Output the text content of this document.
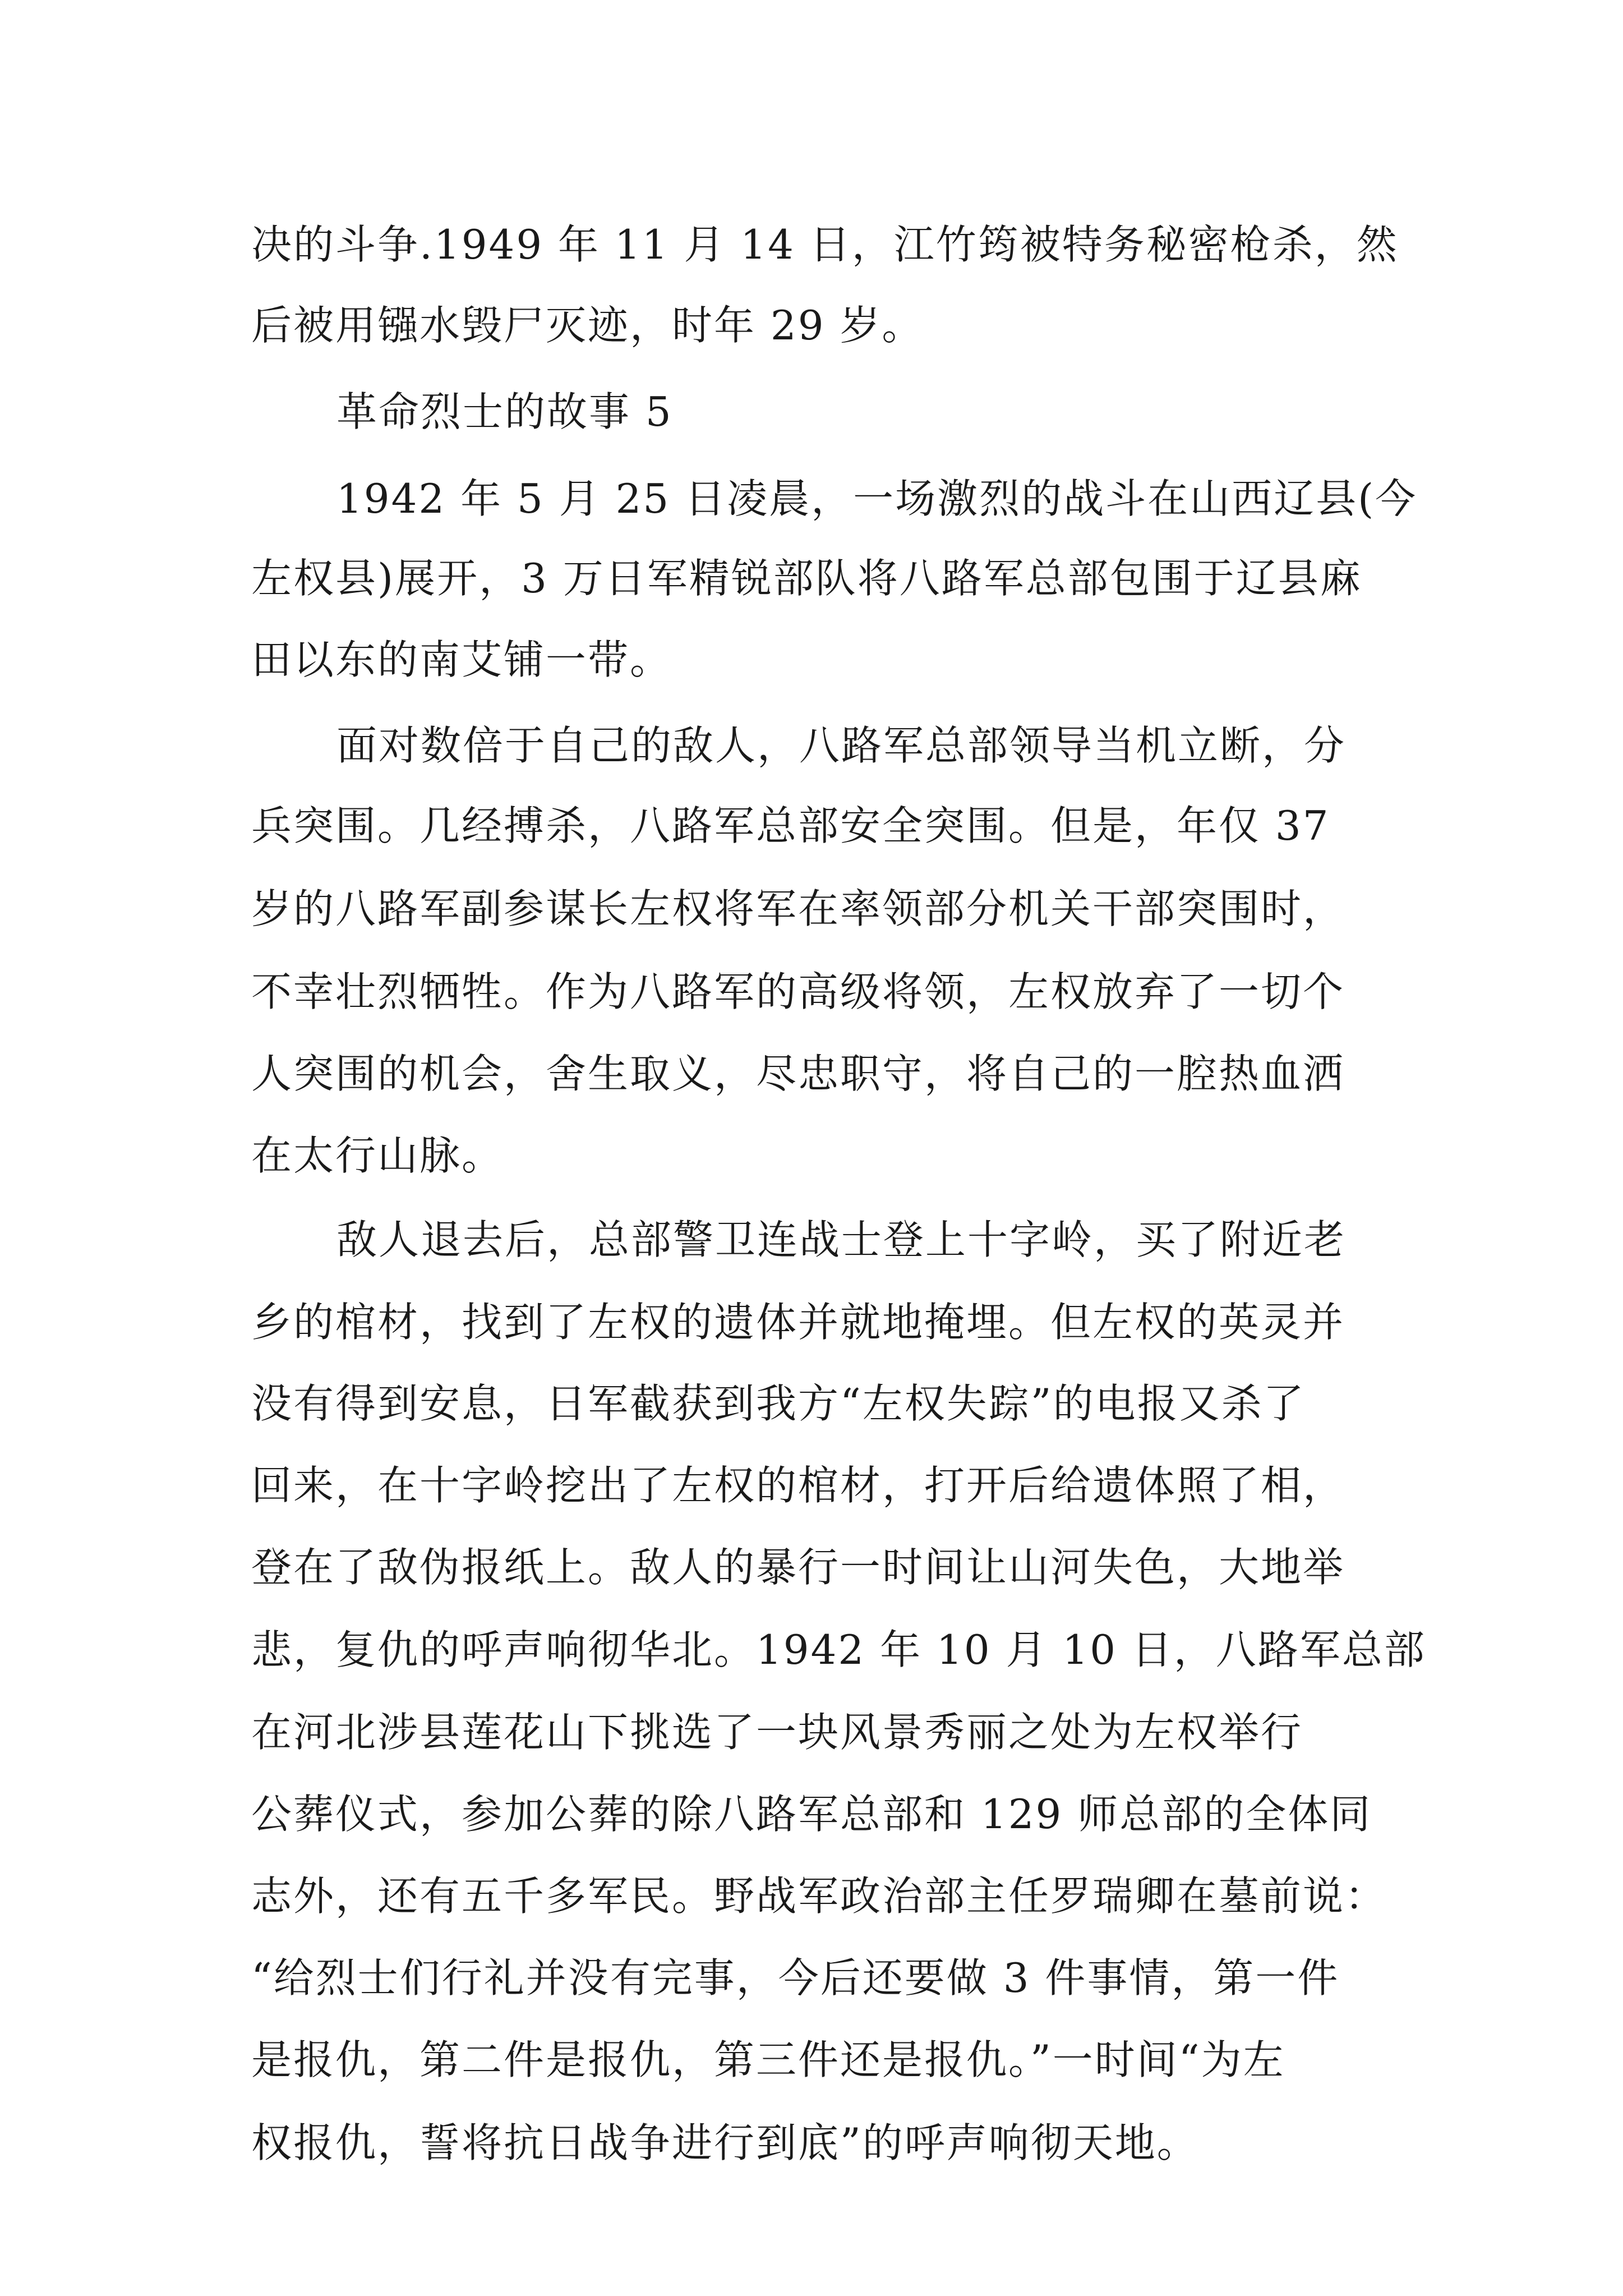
决的斗争.1949 年 11 月 14 日，江竹筠被特务秘密枪杀，然
后被用镪水毁尸灭迹，时年 29 岁。
革命烈士的故事 5
1942 年 5 月 25 日凌晨，一场激烈的战斗在山西辽县(今
左权县)展开，3 万日军精锐部队将八路军总部包围于辽县麻
田以东的南艾铺一带。
面对数倍于自己的敌人，八路军总部领导当机立断，分
兵突围。几经搏杀，八路军总部安全突围。但是，年仅 37
岁的八路军副参谋长左权将军在率领部分机关干部突围时，
不幸壮烈牺牲。作为八路军的高级将领，左权放弃了一切个
人突围的机会，舍生取义，尽忠职守，将自己的一腔热血洒
在太行山脉。
敌人退去后，总部警卫连战士登上十字岭，买了附近老
乡的棺材，找到了左权的遗体并就地掩埋。但左权的英灵并
没有得到安息，日军截获到我方“左权失踪”的电报又杀了
回来，在十字岭挖出了左权的棺材，打开后给遗体照了相，
登在了敌伪报纸上。敌人的暴行一时间让山河失色，大地举
悲，复仇的呼声响彻华北。1942 年 10 月 10 日，八路军总部
在河北涉县莲花山下挑选了一块风景秀丽之处为左权举行
公葬仪式，参加公葬的除八路军总部和 129 师总部的全体同
志外，还有五千多军民。野战军政治部主任罗瑞卿在墓前说：
“给烈士们行礼并没有完事，今后还要做 3 件事情，第一件
是报仇，第二件是报仇，第三件还是报仇。”一时间“为左
权报仇，誓将抗日战争进行到底”的呼声响彻天地。
